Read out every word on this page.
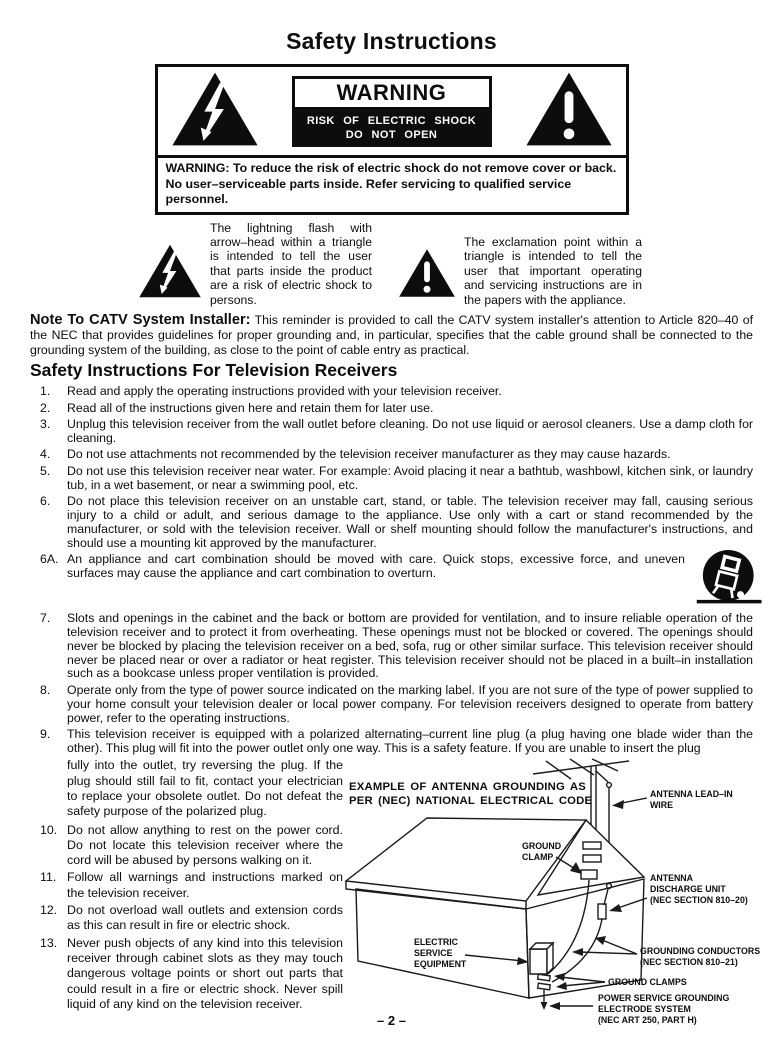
Safety Instructions
WARNING
RISK OF ELECTRIC SHOCK
DO NOT OPEN
WARNING: To reduce the risk of electric shock do not remove cover or back. No user–serviceable parts inside. Refer servicing to qualified service personnel.
The lightning flash with arrow–head within a triangle is intended to tell the user that parts inside the product are a risk of electric shock to persons.
The exclamation point within a triangle is intended to tell the user that important operating and servicing instructions are in the papers with the appliance.
Note To CATV System Installer: This reminder is provided to call the CATV system installer's attention to Article 820–40 of the NEC that provides guidelines for proper grounding and, in particular, specifies that the cable ground shall be connected to the grounding system of the building, as close to the point of cable entry as practical.
Safety Instructions For Television Receivers
1.	Read and apply the operating instructions provided with your television receiver.
2.	Read all of the instructions given here and retain them for later use.
3.	Unplug this television receiver from the wall outlet before cleaning. Do not use liquid or aerosol cleaners. Use a damp cloth for cleaning.
4.	Do not use attachments not recommended by the television receiver manufacturer as they may cause hazards.
5.	Do not use this television receiver near water. For example: Avoid placing it near a bathtub, washbowl, kitchen sink, or laundry tub, in a wet basement, or near a swimming pool, etc.
6.	Do not place this television receiver on an unstable cart, stand, or table. The television receiver may fall, causing serious injury to a child or adult, and serious damage to the appliance. Use only with a cart or stand recommended by the manufacturer, or sold with the television receiver. Wall or shelf mounting should follow the manufacturer's instructions, and should use a mounting kit approved by the manufacturer.
6A. An appliance and cart combination should be moved with care. Quick stops, excessive force, and uneven surfaces may cause the appliance and cart combination to overturn.
7.	Slots and openings in the cabinet and the back or bottom are provided for ventilation, and to insure reliable operation of the television receiver and to protect it from overheating. These openings must not be blocked or covered. The openings should never be blocked by placing the television receiver on a bed, sofa, rug or other similar surface. This television receiver should never be placed near or over a radiator or heat register. This television receiver should not be placed in a built–in installation such as a bookcase unless proper ventilation is provided.
8.	Operate only from the type of power source indicated on the marking label. If you are not sure of the type of power supplied to your home consult your television dealer or local power company. For television receivers designed to operate from battery power, refer to the operating instructions.
9.	This television receiver is equipped with a polarized alternating–current line plug (a plug having one blade wider than the other). This plug will fit into the power outlet only one way. This is a safety feature. If you are unable to insert the plug
fully into the outlet, try reversing the plug. If the plug should still fail to fit, contact your electrician to replace your obsolete outlet. Do not defeat the safety purpose of the polarized plug.
10. Do not allow anything to rest on the power cord. Do not locate this television receiver where the cord will be abused by persons walking on it.
11. Follow all warnings and instructions marked on the television receiver.
12. Do not overload wall outlets and extension cords as this can result in fire or electric shock.
13. Never push objects of any kind into this television receiver through cabinet slots as they may touch dangerous voltage points or short out parts that could result in a fire or electric shock. Never spill liquid of any kind on the television receiver.
EXAMPLE OF ANTENNA GROUNDING AS
PER (NEC) NATIONAL ELECTRICAL CODE
ANTENNA LEAD–IN
WIRE
GROUND
CLAMP
ANTENNA
DISCHARGE UNIT
(NEC SECTION 810–20)
ELECTRIC
SERVICE
EQUIPMENT
GROUNDING CONDUCTORS
(NEC SECTION 810–21)
GROUND CLAMPS
POWER SERVICE GROUNDING
ELECTRODE SYSTEM
(NEC ART 250, PART H)
– 2 –
